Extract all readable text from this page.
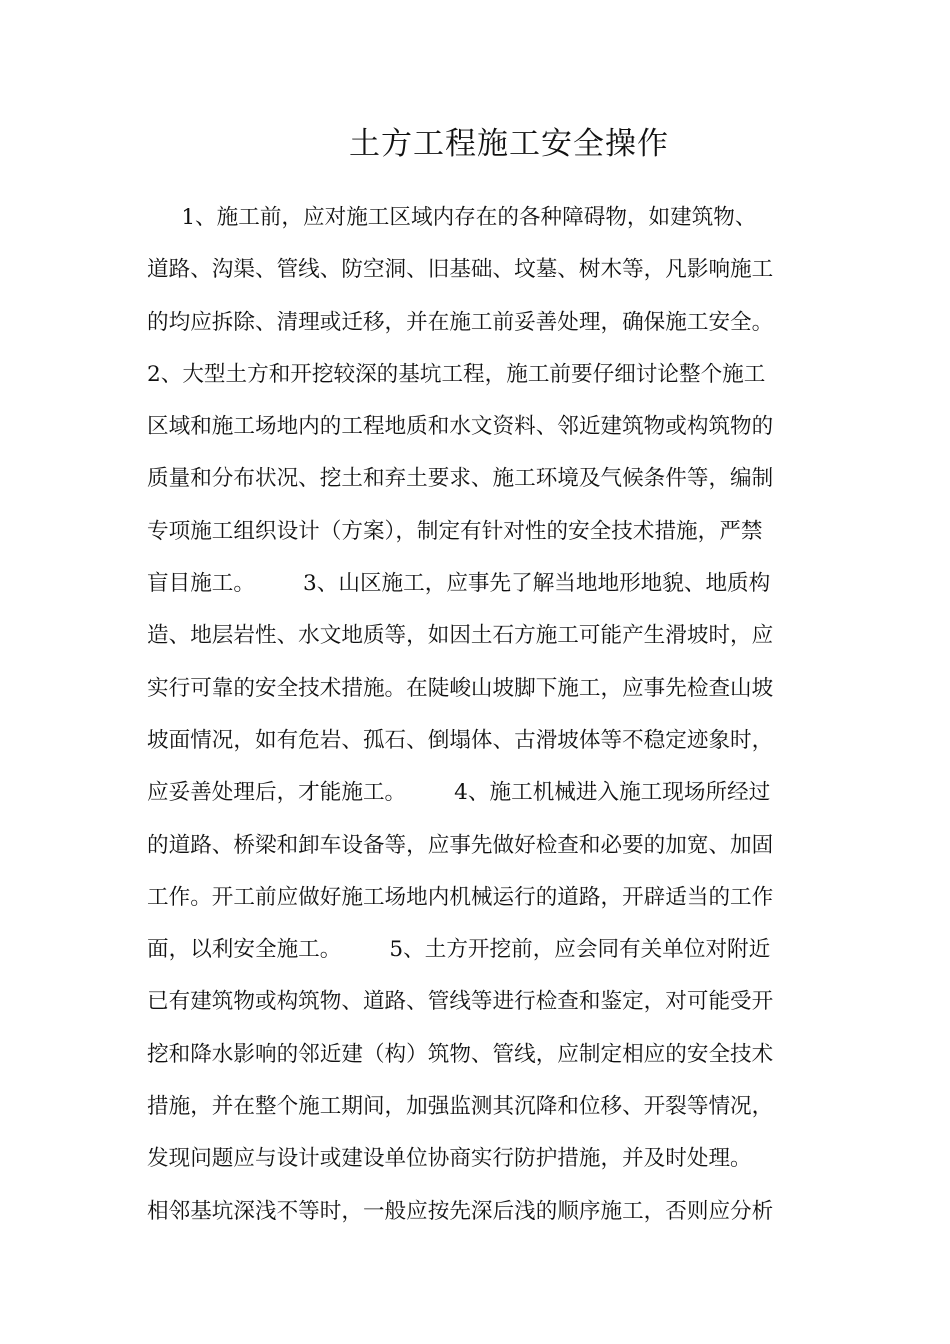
土方工程施工安全操作
1、施工前，应对施工区域内存在的各种障碍物，如建筑物、
道路、沟渠、管线、防空洞、旧基础、坟墓、树木等，凡影响施工
的均应拆除、清理或迁移，并在施工前妥善处理，确保施工安全。
2、大型土方和开挖较深的基坑工程，施工前要仔细讨论整个施工
区域和施工场地内的工程地质和水文资料、邻近建筑物或构筑物的
质量和分布状况、挖土和弃土要求、施工环境及气候条件等，编制
专项施工组织设计（方案），制定有针对性的安全技术措施，严禁
盲目施工。       3、山区施工，应事先了解当地地形地貌、地质构
造、地层岩性、水文地质等，如因土石方施工可能产生滑坡时，应
实行可靠的安全技术措施。在陡峻山坡脚下施工，应事先检查山坡
坡面情况，如有危岩、孤石、倒塌体、古滑坡体等不稳定迹象时，
应妥善处理后，才能施工。       4、施工机械进入施工现场所经过
的道路、桥梁和卸车设备等，应事先做好检查和必要的加宽、加固
工作。开工前应做好施工场地内机械运行的道路，开辟适当的工作
面，以利安全施工。       5、土方开挖前，应会同有关单位对附近
已有建筑物或构筑物、道路、管线等进行检查和鉴定，对可能受开
挖和降水影响的邻近建（构）筑物、管线，应制定相应的安全技术
措施，并在整个施工期间，加强监测其沉降和位移、开裂等情况，
发现问题应与设计或建设单位协商实行防护措施，并及时处理。
相邻基坑深浅不等时，一般应按先深后浅的顺序施工，否则应分析
